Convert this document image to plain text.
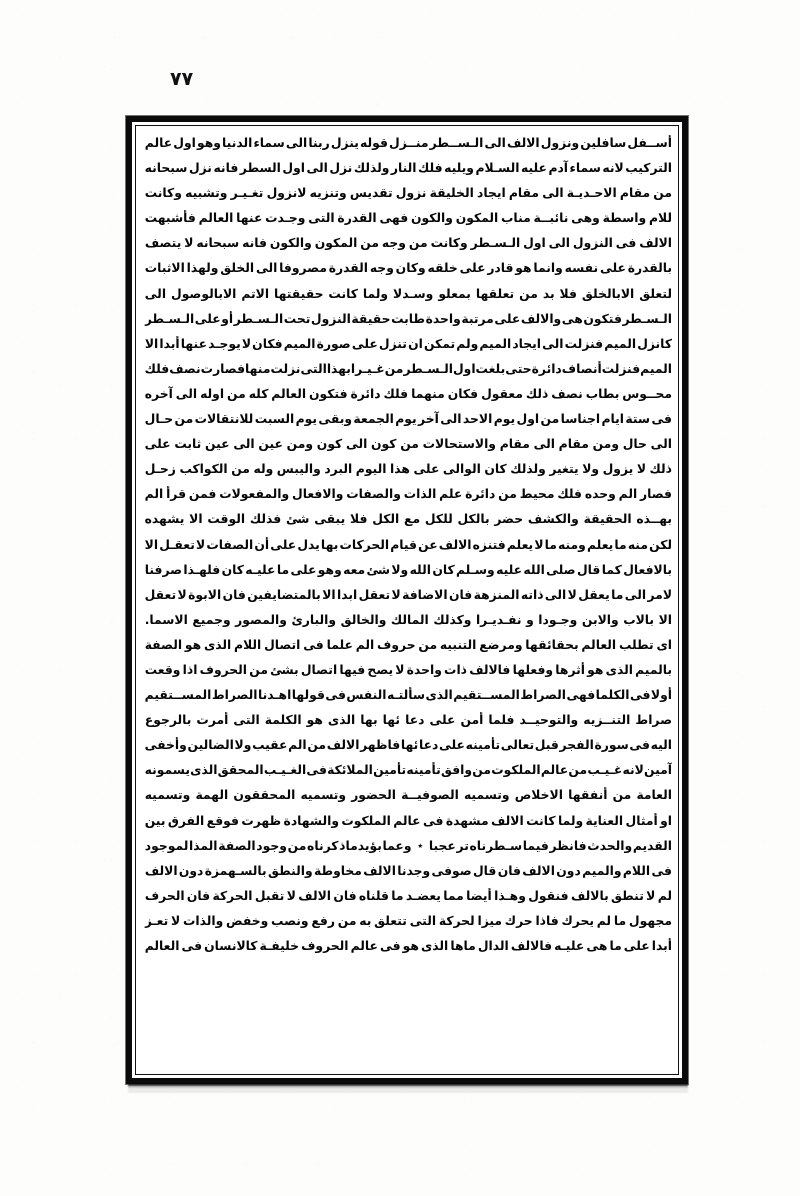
٧٧
أســفل
سافلين
ونزول
الالف
الى
الـســطر
منــزل
قوله
ينزل
ربنا
الى
سماء
الدنيا
وهو
اول
عالم
التركيب
لانه
سماء
آدم
عليه
السـلام
ويليه
فلك
النار
ولذلك
نزل
الى
اول
السطر
فانه
نزل
سبحانه
من
مقام
الاحـديـة
الى
مقام
ايجاد
الخليقة
نزول
تقديس
وتنزيه
لانزول
تغـيـر
وتشبيه
وكانت
للام
واسطة
وهى
نائبــة
مناب
المكون
والكون
فهى
القدرة
التى
وجـدت
عنها
العالم
فأشبهت
الالف
فى
النزول
الى
اول
الـسـطر
وكانت
من
وجه
من
المكون
والكون
فانه
سبحانه
لا
يتصف
بالقدرة
على
نفسه
وانما
هو
قادر
على
خلقه
وكان
وجه
القدرة
مصروفا
الى
الخلق
ولهذا
الاثبات
لتعلق
الابالخلق
فلا
بد
من
تعلقها
بمعلو
وسـدلا
ولما
كانت
حقيقتها
الاتم
الابالوصول
الى
الـسـطر
فتكون
هى
والالف
على
مرتبة
واحدة
طابت
حقيقة
النزول
تحت
الـسـطر
أو
على
الـسـطر
كانزل
الميم
فنزلت
الى
ايجاد
الميم
ولم
تمكن
ان
تنزل
على
صورة
الميم
فكان
لا
يوجـد
عنها
أبدا
الا
الميم
فنزلت
أنصاف
دائرة
حتى
بلغت
اول
الـسـطر
من
غـيـر
ابهذا
التى
نزلت
منها
فصارت
نصف
فلك
محــوس
بطاب
نصف
ذلك
معقول
فكان
منهما
فلك
دائرة
فتكون
العالم
كله
من
اوله
الى
آخره
فى
ستة
ايام
اجناسا
من
اول
يوم
الاحد
الى
آخر
يوم
الجمعة
وبقى
يوم
السبت
للانتقالات
من
حـال
الى
حال
ومن
مقام
الى
مقام
والاستحالات
من
كون
الى
كون
ومن
عين
الى
عين
ثابت
على
ذلك
لا
يزول
ولا
يتغير
ولذلك
كان
الوالى
على
هذا
اليوم
البرد
واليبس
وله
من
الكواكب
زحـل
فصار
الم
وحده
فلك
محيط
من
دائرة
علم
الذات
والصفات
والافعال
والمفعولات
فمن
قرأ
الم
بهــذه
الحقيقة
والكشف
حضر
بالكل
للكل
مع
الكل
فلا
يبقى
شئ
فذلك
الوقت
الا
يشهده
لكن
منه
ما
يعلم
ومنه
ما
لا
يعلم
فتنزه
الالف
عن
قيام
الحركات
بها
يدل
على
أن
الصفات
لا
تعقـل
الا
بالافعال
كما
قال
صلى
الله
عليه
وسـلم
كان
الله
ولا
شئ
معه
وهو
على
ما
عليـه
كان
فلهـذا
صرفنا
لامر
الى
ما
يعقل
لا
الى
ذاته
المنزهة
فان
الاضافة
لا
تعقل
ابدا
الا
بالمتضايفين
فان
الابوة
لا
تعقل
الا
بالاب
والابن
وجـودا
و
نفـديـرا
وكذلك
المالك
والخالق
والبارئ
والمصور
وجميع
الاسما.
اى
تطلب
العالم
بحقائقها
ومرضع
التنبيه
من
حروف
الم
علما
فى
اتصال
اللام
الذى
هو
الصفة
بالميم
الذى
هو
أثرها
وفعلها
فالالف
ذات
واحدة
لا
يصح
فيها
اتصال
بشئ
من
الحروف
اذا
وقعت
أولا
فى
الكلما
فهى
الصراط
المســتقيم
الذى
سألتـه
النفس
فى
قولها
اهـدنا
الصراط
المســتقيم
صراط
التنــزيه
والتوحيــد
فلما
أمن
على
دعا
ئها
بها
الذى
هو
الكلمة
التى
أمرت
بالرجوع
اليه
فى
سورة
الفجر
قبل
تعالى
تأمينه
على
دعا
ئها
فاظهر
الالف
من
الم
عقيب
ولا
الضالين
وأخفى
آمين
لانه
غـيـب
من
عالم
الملكوت
من
وافق
تأمينه
تأمين
الملائكة
فى
الغـيـب
المحقق
الذى
يسمونه
العامة
من
أنفقها
الاخلاص
وتسميه
الصوفيــة
الحضور
وتسميه
المحققون
الهمة
وتسميه
او
أمثال
العناية
ولما
كانت
الالف
مشهدة
فى
عالم
الملكوت
والشهادة
ظهرت
فوقع
الفرق
بين
القديم
والحدث
فانظر
فيما
سـطرناه
تر
عجبا
٭
وعما
بؤيدماذ
كرناه
من
وجود
الصفة
المذا
لموجود
فى
اللام
والميم
دون
الالف
فان
قال
صوفى
وجدنا
الالف
مخاوطة
والنطق
بالسـهمزة
دون
الالف
لم
لا
تنطق
بالالف
فنقول
وهـذا
أيضا
مما
يعضـد
ما
قلناه
فان
الالف
لا
تقبل
الحركة
فان
الحرف
مجهول
ما
لم
يحرك
فاذا
حرك
ميزا
لحركة
التى
تتعلق
به
من
رفع
ونصب
وخفض
والذات
لا
تعـز
أبدا
على
ما
هى
عليـه
فالالف
الدال
ماها
الذى
هو
فى
عالم
الحروف
خليفـة
كالانسان
فى
العالم
